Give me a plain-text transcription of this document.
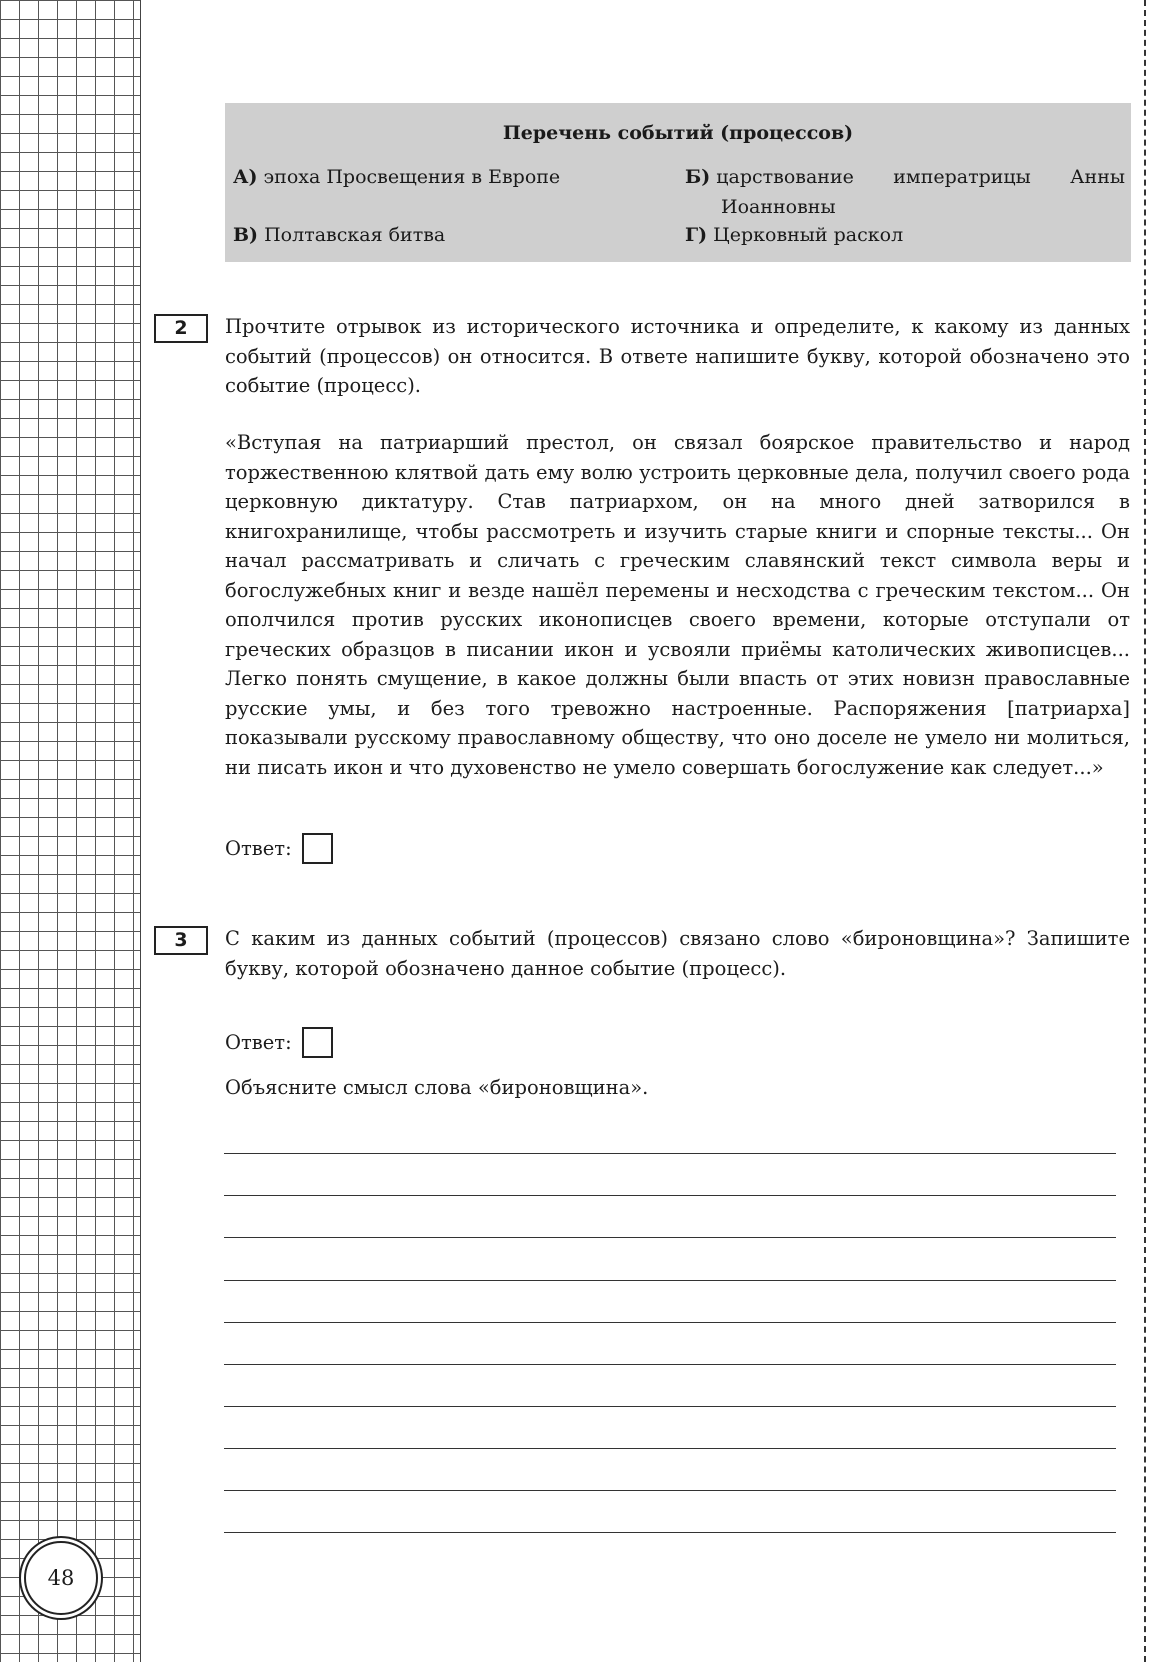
48
Перечень событий (процессов)
А) эпоха Просвещения в Европе	Б) царствование императрицы Анны
Иоанновны
В) Полтавская битва	Г) Церковный раскол
2	Прочтите отрывок из исторического источника и определите, к какому из данных событий (процессов) он относится. В ответе напишите букву, которой обозначено это событие (процесс).
«Вступая на патриарший престол, он связал боярское правительство и народ торжественною клятвой дать ему волю устроить церковные дела, получил своего рода церковную диктатуру. Став патриархом, он на много дней затворился в книгохранилище, чтобы рассмотреть и изучить старые книги и спорные тексты... Он начал рассматривать и сличать с греческим славянский текст символа веры и богослужебных книг и везде нашёл перемены и несходства с греческим текстом... Он ополчился против русских иконописцев своего времени, которые отступали от греческих образцов в писании икон и усвояли приёмы католических живописцев... Легко понять смущение, в какое должны были впасть от этих новизн православные русские умы, и без того тревожно настроенные. Распоряжения [патриарха] показывали русскому православному обществу, что оно доселе не умело ни молиться, ни писать икон и что духовенство не умело совершать богослужение как следует...»
Ответ:
3	С каким из данных событий (процессов) связано слово «бироновщина»? Запишите букву, которой обозначено данное событие (процесс).
Ответ:
Объясните смысл слова «бироновщина».
